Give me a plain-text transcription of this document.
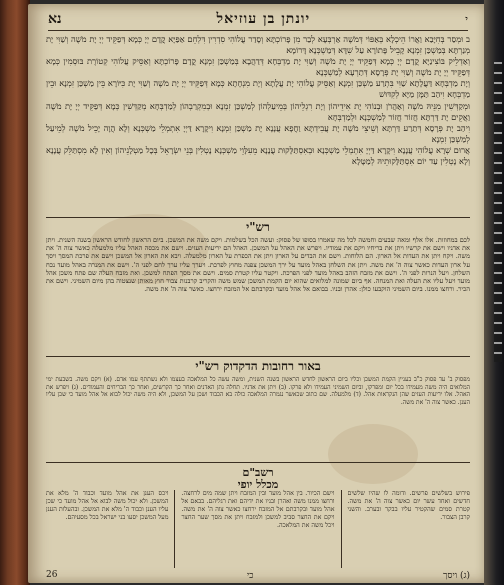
נא	יונתן בן עוזיאל	י

ב וּמְסַר בְּחִיָּבַא וַאֲרוֹ הֵיכְלָא בְּאַפּוֹי דְּמֹשֶׁה אַרְבְּעָא לְבַר מִן פָּרוֹכְתָּא וְסָדַר עֲלוֹהִי סִדְרִין דִּלְחֵם אַפַּיָּא קֳדָם יְיָ כְּמָא דְּפַקֵּיד יְיָ יָת מֹשֶׁה וְשַׁוִּי יָת מְנַרְתָּא בְּמַשְׁכַּן זִמְנָא קָבֵיל פָּתוֹרָא עַל שִׁדָּא דְּמַשְׁכְּנָא דָּרוֹמָא

וְאַדְלֵיק בּוֹצִינַיָּא קֳדָם יְיָ כְּמָא דְּפַקֵּיד יְיָ יָת מֹשֶׁה וְשַׁוִּי יָת מַדְבְּחָא דְּדַהֲבָא בְּמַשְׁכַּן זִמְנָא קֳדָם פָּרוֹכְתָּא וְאַסֵּיק עֲלוֹהִי קְטוֹרֶת בּוּסְמִין כְּמָא דְּפַקֵּיד יְיָ יָת מֹשֶׁה וְשַׁוִּי יָת פְּרָסָא דְּתַרְעָא לְמַשְׁכְּנָא

וְיָת מַדְבְּחָא דַּעֲלָתָא שַׁוִּי בִּתְרַע מַשְׁכַּן זִמְנָא וְאַסֵּיק עֲלוֹהִי יָת עֲלָתָא וְיָת מִנְחָתָא כְּמָא דְּפַקֵּיד יְיָ יָת מֹשֶׁה וְשַׁוִּי יָת כִּיּוֹרָא בֵּין מַשְׁכַּן זִמְנָא וּבֵין מַדְבְּחָא וִיהַב תַּמָּן מַיָּא לְקִדּוּשׁ

וּמְקַדְּשִׁין מִנֵּיהּ מֹשֶׁה וְאַהֲרֹן וּבְנוֹהִי יָת אִידֵיהוֹן וְיָת רִגְלֵיהוֹן בְּמֵיעַלְהוֹן לְמַשְׁכַּן זִמְנָא וּבְמִקְרַבְהוֹן לְמַדְבְּחָא מְקַדְּשִׁין כְּמָא דְּפַקֵּיד יְיָ יָת מֹשֶׁה וַאֲקֵים יָת דַּרְתָּא חֲזוֹר חֲזוֹר לְמַשְׁכְּנָא וּלְמַדְבְּחָא

וִיהַב יָת פְּרָסָא דְּתַרַע דַּרְתָּא וְשֵׁיצֵי מֹשֶׁה יָת עֲבִידְתָּא וַחֲפָא עֲנָנָא יָת מַשְׁכַּן זִמְנָא וִיקָרָא דַּיְיָ אִתְמְלֵי מַשְׁכְּנָא וְלָא הֲוָה יָכֵיל מֹשֶׁה לְמֵיעַל לְמַשְׁכַּן זִמְנָא

אֲרוּם שְׁרָא עֲלוֹהִי עֲנָנָא וִיקָרָא דַּיְיָ אִתְמְלֵי מַשְׁכְּנָא וּבְאִסְתַּלָּקוּת עֲנָנָא מֵעִלָּוֵי מַשְׁכְּנָא נָטְלִין בְּנֵי יִשְׂרָאֵל בְּכָל מַטְלָנֵיהוֹן וְאִין לָא מִסְתַּלֵּק עֲנָנָא וְלָא נָטְלִין עַד יוֹם אִסְתַּלָּקוּתֵיהּ לְמַטָּלָא

רש"י

לכם במחוזות. אלו אלף ומאה שבעים וחמשה לכל מה שאמרו בסופו של פסוק: ועשה הכל בשלמות. ויקם משה את המשכן. ביום הראשון לחודש הראשון בשנה השנית. ויתן את אדניו וישם את קרשיו ויתן את בריחיו ויקם את עמודיו. ויפרש את האהל על המשכן. האהל הם יריעות העזים. וישם את מכסה האהל עליו מלמעלה כאשר צוה ה' את משה. ויקח ויתן את העדות אל הארון. הם הלוחות. וישם את הבדים על הארון ויתן את הכפרת על הארון מלמעלה. ויבא את הארון אל המשכן וישם את פרכת המסך ויסך על ארון העדות כאשר צוה ה' את משה. ויתן את השלחן באהל מועד על ירך המשכן צפנה מחוץ לפרכת. ויערך עליו ערך לחם לפני ה'. וישם את המנרה באהל מועד נכח השלחן. ויעל הנרות לפני ה'. וישם את מזבח הזהב באהל מועד לפני הפרכת. ויקטר עליו קטרת סמים. וישם את מסך הפתח למשכן. ואת מזבח העלה שם פתח משכן אהל מועד ויעל עליו את העלה ואת המנחה. אף ביום שמונה למלואים שהוא יום הקמת המשכן שמש משה והקריב קרבנות צבור חוץ מאותן שנצטוה בהן מיום השמיני. וישם את הכיר. ורחצו ממנו. ביום השמיני הוקבעו כולן: אהרן ובניו. בבואם אל אהל מועד ובקרבתם אל המזבח ירחצו. כאשר צוה ה' את משה.

באור רחובות הדקדוק רש"י

מפסוק ב' עד פסוק כ"ב בעניין הקמת המשכן וכליו ביום הראשון לחדש הראשון בשנה השנית, ומשה עשה כל המלאכה בעצמו ולא נשתתף עמו אדם. (א) ויקם משה. בשבעת ימי המלואים היה משה מעמידו בכל יום ומפרקו, וביום השמיני העמידו ולא פרקו. (ב) ויתן את אדניו. תחלה נתן האדנים ואחר כך הקרשים, ואחר כך הבריחים והעמודים. (ג) ויפרש את האהל. אלו יריעות העזים שהן הנקראות אהל. (ד) מלמעלה. שם כתוב שכאשר נגמרה המלאכה כולה בא הכבוד ושכן על המשכן, ולא היה משה יכול לבוא אל אהל מועד כי שכן עליו הענן. כאשר צוה ה' את משה.

רשב"ם
מכלל יופי
פירוש בשלשים פרשים. ודומה לו שהיו שלשים חדשים ואחד עשר יום כאשר צוה ה' את משה. קטרת סמים שהקטיר עליו בבקר ובערב. והשני קרבן הצבור.
וישם הכיור. בין אהל מועד ובין המזבח ויתן שמה מים לרחצה. ורחצו ממנו משה ואהרן ובניו את ידיהם ואת רגליהם. בבאם אל אהל מועד ובקרבתם אל המזבח ירחצו כאשר צוה ה' את משה. ויקם את החצר סביב למשכן ולמזבח ויתן את מסך שער החצר ויכל משה את המלאכה.
ויכס הענן את אהל מועד וכבוד ה' מלא את המשכן. ולא יכול משה לבוא אל אהל מועד כי שכן עליו הענן וכבוד ה' מלא את המשכן. ובהעלות הענן מעל המשכן יסעו בני ישראל בכל מסעיהם.
(ג) ויסך
כי
26
